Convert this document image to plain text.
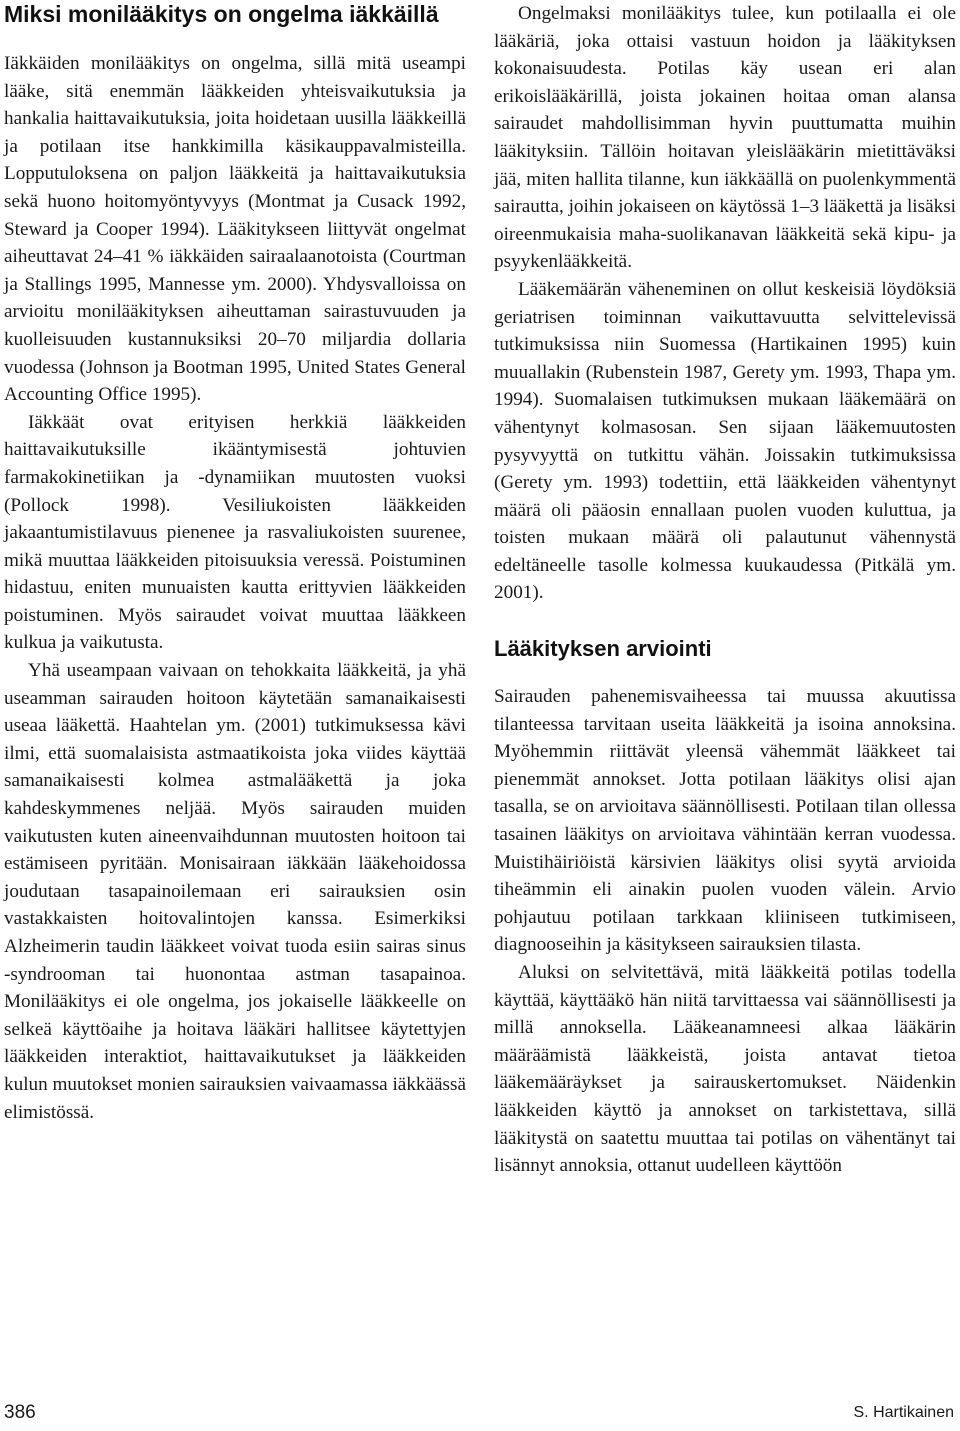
Miksi monilääkitys on ongelma iäkkäillä

Iäkkäiden monilääkitys on ongelma, sillä mitä useampi lääke, sitä enemmän lääkkeiden yhteisvaikutuksia ja hankalia haittavaikutuksia, joita hoidetaan uusilla lääkkeillä ja potilaan itse hankkimilla käsikauppavalmisteilla. Lopputuloksena on paljon lääkkeitä ja haittavaikutuksia sekä huono hoitomyöntyvyys (Montmat ja Cusack 1992, Steward ja Cooper 1994). Lääkitykseen liittyvät ongelmat aiheuttavat 24–41 % iäkkäiden sairaalaanotoista (Courtman ja Stallings 1995, Mannesse ym. 2000). Yhdysvalloissa on arvioitu monilääkityksen aiheuttaman sairastuvuuden ja kuolleisuuden kustannuksiksi 20–70 miljardia dollaria vuodessa (Johnson ja Bootman 1995, United States General Accounting Office 1995).

Iäkkäät ovat erityisen herkkiä lääkkeiden haittavaikutuksille ikääntymisestä johtuvien farmakokinetiikan ja -dynamiikan muutosten vuoksi (Pollock 1998). Vesiliukoisten lääkkeiden jakaantumistilavuus pienenee ja rasvaliukoisten suurenee, mikä muuttaa lääkkeiden pitoisuuksia veressä. Poistuminen hidastuu, eniten munuaisten kautta erittyvien lääkkeiden poistuminen. Myös sairaudet voivat muuttaa lääkkeen kulkua ja vaikutusta.

Yhä useampaan vaivaan on tehokkaita lääkkeitä, ja yhä useamman sairauden hoitoon käytetään samanaikaisesti useaa lääkettä. Haahtelan ym. (2001) tutkimuksessa kävi ilmi, että suomalaisista astmaatikoista joka viides käyttää samanaikaisesti kolmea astmalääkettä ja joka kahdeskymmenes neljää. Myös sairauden muiden vaikutusten kuten aineenvaihdunnan muutosten hoitoon tai estämiseen pyritään. Monisairaan iäkkään lääkehoidossa joudutaan tasapainoilemaan eri sairauksien osin vastakkaisten hoitovalintojen kanssa. Esimerkiksi Alzheimerin taudin lääkkeet voivat tuoda esiin sairas sinus -syndrooman tai huonontaa astman tasapainoa. Monilääkitys ei ole ongelma, jos jokaiselle lääkkeelle on selkeä käyttöaihe ja hoitava lääkäri hallitsee käytettyjen lääkkeiden interaktiot, haittavaikutukset ja lääkkeiden kulun muutokset monien sairauksien vaivaamassa iäkkäässä elimistössä.

Ongelmaksi monilääkitys tulee, kun potilaalla ei ole lääkäriä, joka ottaisi vastuun hoidon ja lääkityksen kokonaisuudesta. Potilas käy usean eri alan erikoislääkärillä, joista jokainen hoitaa oman alansa sairaudet mahdollisimman hyvin puuttumatta muihin lääkityksiin. Tällöin hoitavan yleislääkärin mietittäväksi jää, miten hallita tilanne, kun iäkkäällä on puolenkymmentä sairautta, joihin jokaiseen on käytössä 1–3 lääkettä ja lisäksi oireenmukaisia maha-suolikanavan lääkkeitä sekä kipu- ja psyykenlääkkeitä.

Lääkemäärän väheneminen on ollut keskeisiä löydöksiä geriatrisen toiminnan vaikuttavuutta selvittelevissä tutkimuksissa niin Suomessa (Hartikainen 1995) kuin muuallakin (Rubenstein 1987, Gerety ym. 1993, Thapa ym. 1994). Suomalaisen tutkimuksen mukaan lääkemäärä on vähentynyt kolmasosan. Sen sijaan lääkemuutosten pysyvyyttä on tutkittu vähän. Joissakin tutkimuksissa (Gerety ym. 1993) todettiin, että lääkkeiden vähentynyt määrä oli pääosin ennallaan puolen vuoden kuluttua, ja toisten mukaan määrä oli palautunut vähennystä edeltäneelle tasolle kolmessa kuukaudessa (Pitkälä ym. 2001).

Lääkityksen arviointi

Sairauden pahenemisvaiheessa tai muussa akuutissa tilanteessa tarvitaan useita lääkkeitä ja isoina annoksina. Myöhemmin riittävät yleensä vähemmät lääkkeet tai pienemmät annokset. Jotta potilaan lääkitys olisi ajan tasalla, se on arvioitava säännöllisesti. Potilaan tilan ollessa tasainen lääkitys on arvioitava vähintään kerran vuodessa. Muistihäiriöistä kärsivien lääkitys olisi syytä arvioida tiheämmin eli ainakin puolen vuoden välein. Arvio pohjautuu potilaan tarkkaan kliiniseen tutkimiseen, diagnooseihin ja käsitykseen sairauksien tilasta.

Aluksi on selvitettävä, mitä lääkkeitä potilas todella käyttää, käyttääkö hän niitä tarvittaessa vai säännöllisesti ja millä annoksella. Lääkeanamneesi alkaa lääkärin määräämistä lääkkeistä, joista antavat tietoa lääkemääräykset ja sairauskertomukset. Näidenkin lääkkeiden käyttö ja annokset on tarkistettava, sillä lääkitystä on saatettu muuttaa tai potilas on vähentänyt tai lisännyt annoksia, ottanut uudelleen käyttöön

386	S. Hartikainen
